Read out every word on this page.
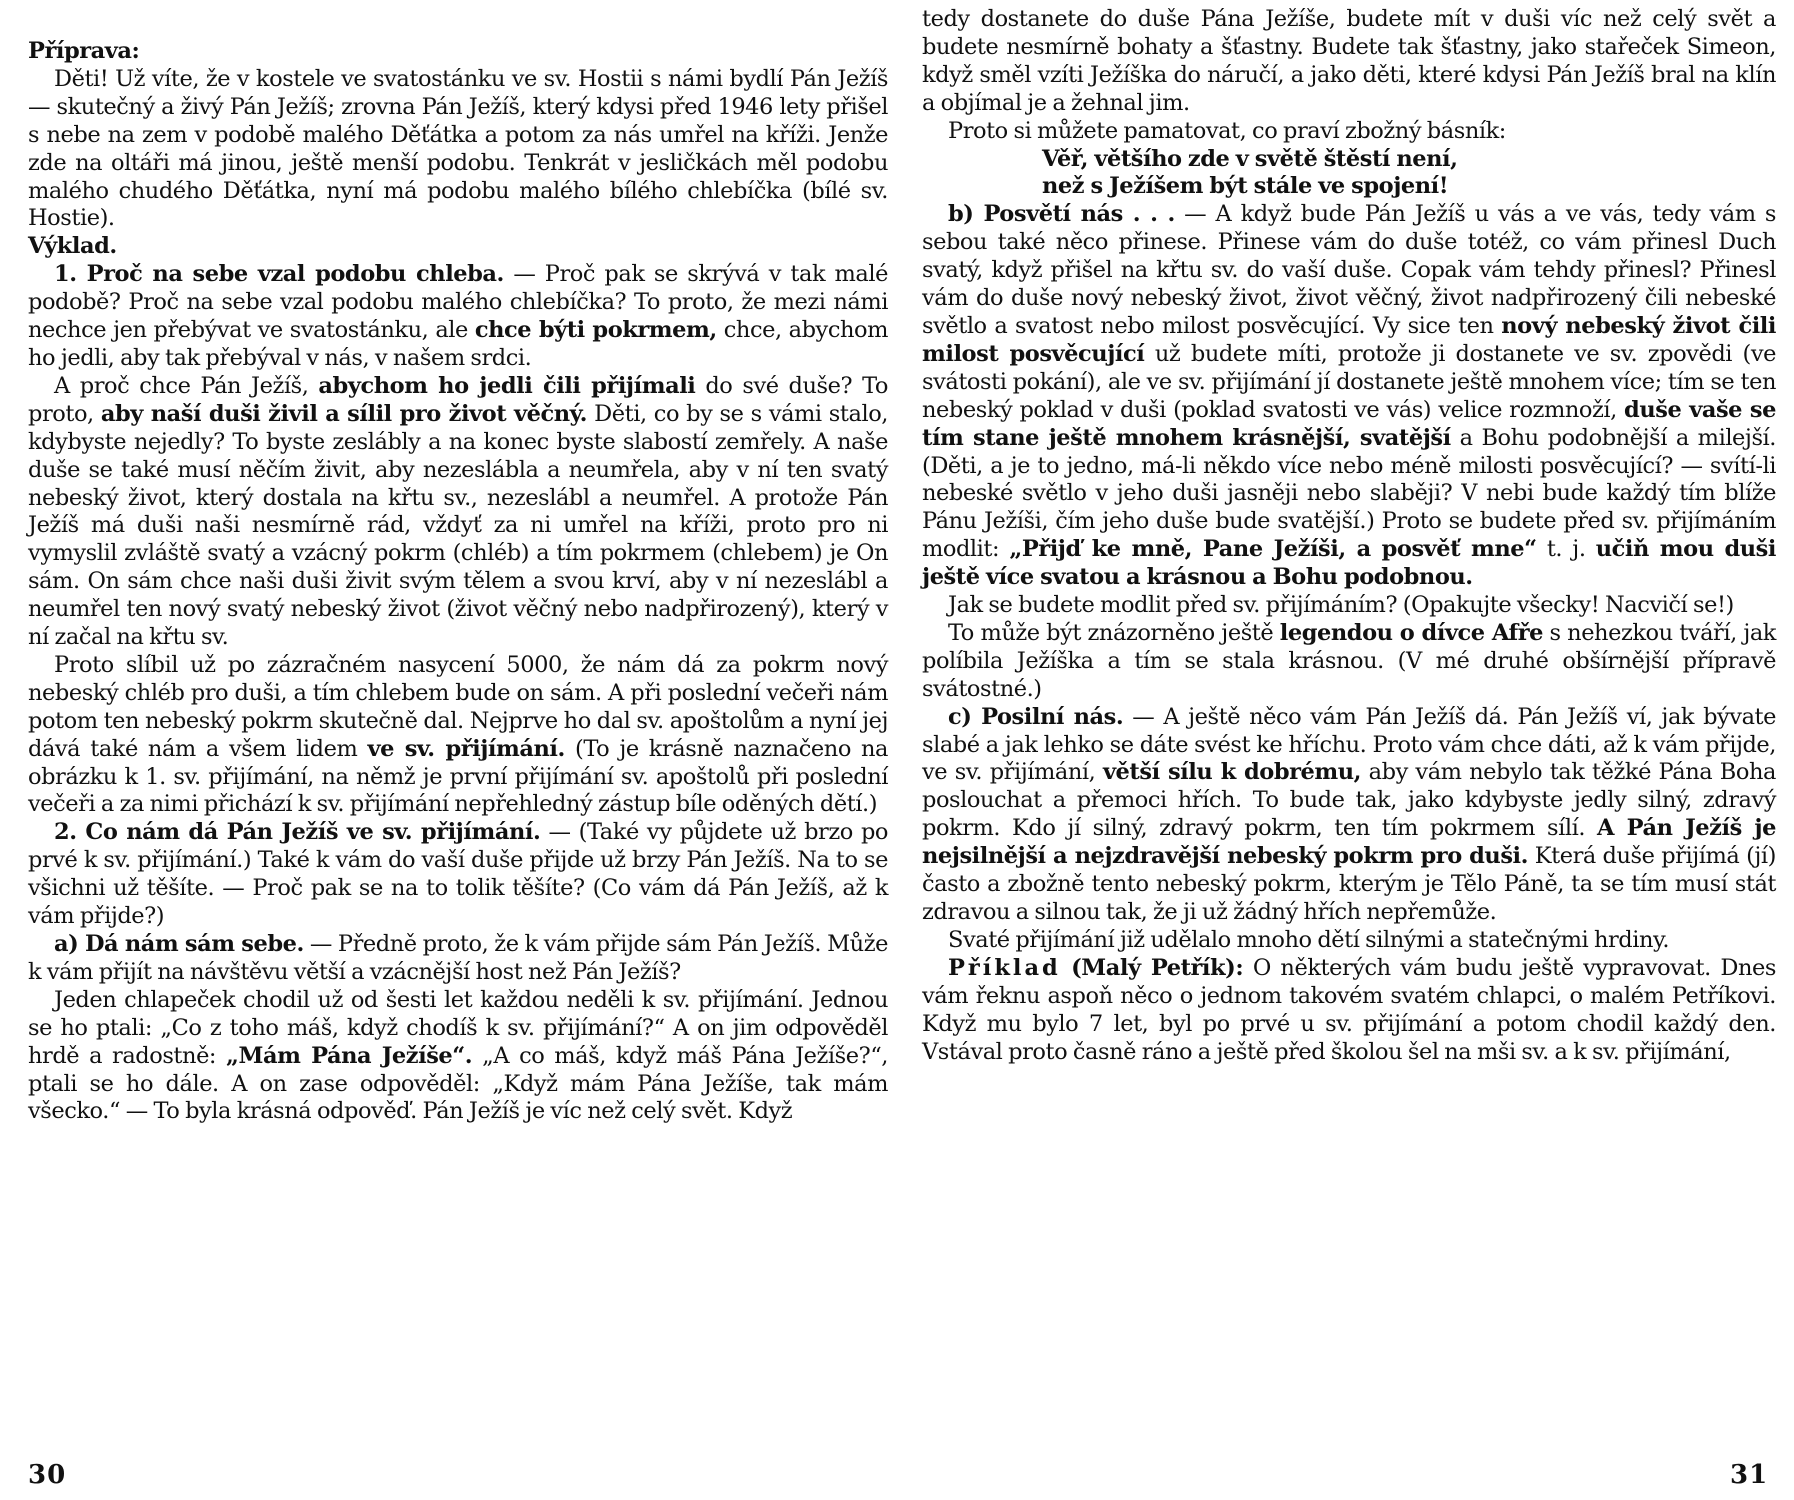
Příprava:

Děti! Už víte, že v kostele ve svatostánku ve sv. Hostii s námi bydlí Pán Ježíš — skutečný a živý Pán Ježíš; zrovna Pán Ježíš, který kdysi před 1946 lety přišel s nebe na zem v podobě malého Děťátka a potom za nás umřel na kříži. Jenže zde na oltáři má jinou, ještě menší podobu. Tenkrát v jesličkách měl podobu malého chudého Děťátka, nyní má podobu malého bílého chlebíčka (bílé sv. Hostie).

Výklad.

1. Proč na sebe vzal podobu chleba. — Proč pak se skrývá v tak malé podobě? Proč na sebe vzal podobu malého chlebíčka? To proto, že mezi námi nechce jen přebývat ve svatostánku, ale chce býti pokrmem, chce, abychom ho jedli, aby tak přebýval v nás, v našem srdci.

A proč chce Pán Ježíš, abychom ho jedli čili přijímali do své duše? To proto, aby naší duši živil a sílil pro život věčný. Děti, co by se s vámi stalo, kdybyste nejedly? To byste zeslábly a na konec byste slabostí zemřely. A naše duše se také musí něčím živit, aby nezeslábla a neumřela, aby v ní ten svatý nebeský život, který dostala na křtu sv., nezeslábl a neumřel. A protože Pán Ježíš má duši naši nesmírně rád, vždyť za ni umřel na kříži, proto pro ni vymyslil zvláště svatý a vzácný pokrm (chléb) a tím pokrmem (chlebem) je On sám. On sám chce naši duši živit svým tělem a svou krví, aby v ní nezeslábl a neumřel ten nový svatý nebeský život (život věčný nebo nadpřirozený), který v ní začal na křtu sv.

Proto slíbil už po zázračném nasycení 5000, že nám dá za pokrm nový nebeský chléb pro duši, a tím chlebem bude on sám. A při poslední večeři nám potom ten nebeský pokrm skutečně dal. Nejprve ho dal sv. apoštolům a nyní jej dává také nám a všem lidem ve sv. přijímání. (To je krásně naznačeno na obrázku k 1. sv. přijímání, na němž je první přijímání sv. apoštolů při poslední večeři a za nimi přichází k sv. přijímání nepřehledný zástup bíle oděných dětí.)

2. Co nám dá Pán Ježíš ve sv. přijímání. — (Také vy půjdete už brzo po prvé k sv. přijímání.) Také k vám do vaší duše přijde už brzy Pán Ježíš. Na to se všichni už těšíte. — Proč pak se na to tolik těšíte? (Co vám dá Pán Ježíš, až k vám přijde?)

a) Dá nám sám sebe. — Předně proto, že k vám přijde sám Pán Ježíš. Může k vám přijít na návštěvu větší a vzácnější host než Pán Ježíš?

Jeden chlapeček chodil už od šesti let každou neděli k sv. přijímání. Jednou se ho ptali: „Co z toho máš, když chodíš k sv. přijímání?“ A on jim odpověděl hrdě a radostně: „Mám Pána Ježíše“. „A co máš, když máš Pána Ježíše?“, ptali se ho dále. A on zase odpověděl: „Když mám Pána Ježíše, tak mám všecko.“ — To byla krásná odpověď. Pán Ježíš je víc než celý svět. Když

tedy dostanete do duše Pána Ježíše, budete mít v duši víc než celý svět a budete nesmírně bohaty a šťastny. Budete tak šťastny, jako stařeček Simeon, když směl vzíti Ježíška do náručí, a jako děti, které kdysi Pán Ježíš bral na klín a objímal je a žehnal jim.

Proto si můžete pamatovat, co praví zbožný básník:

Věř, většího zde v světě štěstí není,

než s Ježíšem být stále ve spojení!

b) Posvětí nás . . . — A když bude Pán Ježíš u vás a ve vás, tedy vám s sebou také něco přinese. Přinese vám do duše totéž, co vám přinesl Duch svatý, když přišel na křtu sv. do vaší duše. Copak vám tehdy přinesl? Přinesl vám do duše nový nebeský život, život věčný, život nadpřirozený čili nebeské světlo a svatost nebo milost posvěcující. Vy sice ten nový nebeský život čili milost posvěcující už budete míti, protože ji dostanete ve sv. zpovědi (ve svátosti pokání), ale ve sv. přijímání jí dostanete ještě mnohem více; tím se ten nebeský poklad v duši (poklad svatosti ve vás) velice rozmnoží, duše vaše se tím stane ještě mnohem krásnější, svatější a Bohu podobnější a milejší. (Děti, a je to jedno, má-li někdo více nebo méně milosti posvěcující? — svítí-li nebeské světlo v jeho duši jasněji nebo slaběji? V nebi bude každý tím blíže Pánu Ježíši, čím jeho duše bude svatější.) Proto se budete před sv. přijímáním modlit: „Přijď ke mně, Pane Ježíši, a posvěť mne“ t. j. učiň mou duši ještě více svatou a krásnou a Bohu podobnou.

Jak se budete modlit před sv. přijímáním? (Opakujte všecky! Nacvičí se!)

To může být znázorněno ještě legendou o dívce Afře s nehezkou tváří, jak políbila Ježíška a tím se stala krásnou. (V mé druhé obšírnější přípravě svátostné.)

c) Posilní nás. — A ještě něco vám Pán Ježíš dá. Pán Ježíš ví, jak bývate slabé a jak lehko se dáte svést ke hříchu. Proto vám chce dáti, až k vám přijde, ve sv. přijímání, větší sílu k dobrému, aby vám nebylo tak těžké Pána Boha poslouchat a přemoci hřích. To bude tak, jako kdybyste jedly silný, zdravý pokrm. Kdo jí silný, zdravý pokrm, ten tím pokrmem sílí. A Pán Ježíš je nejsilnější a nejzdravější nebeský pokrm pro duši. Která duše přijímá (jí) často a zbožně tento nebeský pokrm, kterým je Tělo Páně, ta se tím musí stát zdravou a silnou tak, že ji už žádný hřích nepřemůže.

Svaté přijímání již udělalo mnoho dětí silnými a statečnými hrdiny.

Příklad (Malý Petřík): O některých vám budu ještě vypravovat. Dnes vám řeknu aspoň něco o jednom takovém svatém chlapci, o malém Petříkovi. Když mu bylo 7 let, byl po prvé u sv. přijímání a potom chodil každý den. Vstával proto časně ráno a ještě před školou šel na mši sv. a k sv. přijímání,

30	31
